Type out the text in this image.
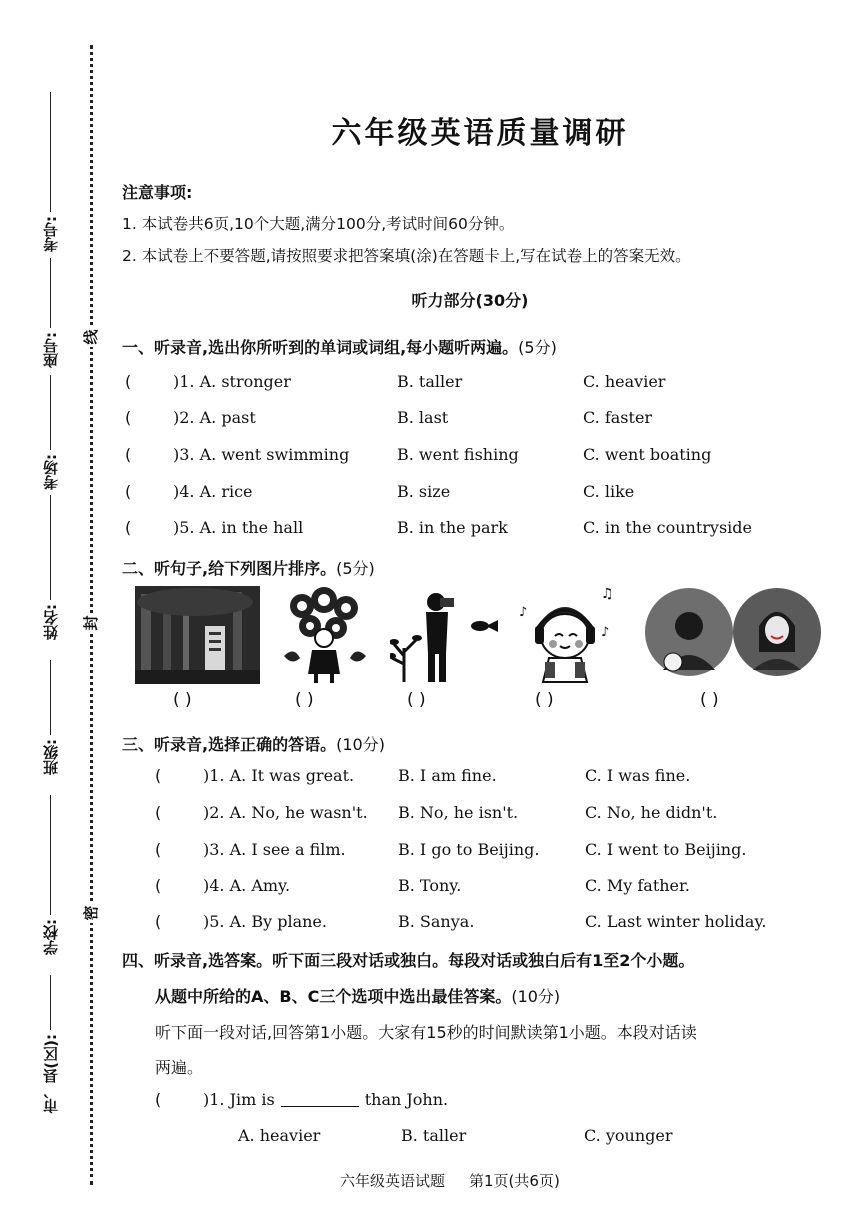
线
封
密
考号:
座号:
考场:
姓名:
班级:
学校:
市、县(区):
六年级英语质量调研
注意事项:
1. 本试卷共6页,10个大题,满分100分,考试时间60分钟。
2. 本试卷上不要答题,请按照要求把答案填(涂)在答题卡上,写在试卷上的答案无效。
听力部分(30分)
一、听录音,选出你所听到的单词或词组,每小题听两遍。(5分)
(	)1. A. stronger	B. taller	C. heavier
(	)2. A. past	B. last	C. faster
(	)3. A. went swimming	B. went fishing	C. went boating
(	)4. A. rice	B. size	C. like
(	)5. A. in the hall	B. in the park	C. in the countryside
二、听句子,给下列图片排序。(5分)
♫
♪
♪
( )	( )	( )	( )	( )
三、听录音,选择正确的答语。(10分)
(	)1. A. It was great.	B. I am fine.	C. I was fine.
(	)2. A. No, he wasn't. B. No, he isn't.	C. No, he didn't.
(	)3. A. I see a film.	B. I go to Beijing.	C. I went to Beijing.
(	)4. A. Amy.	B. Tony.	C. My father.
(	)5. A. By plane.	B. Sanya.	C. Last winter holiday.
四、听录音,选答案。听下面三段对话或独白。每段对话或独白后有1至2个小题。
从题中所给的A、B、C三个选项中选出最佳答案。(10分)
听下面一段对话,回答第1小题。大家有15秒的时间默读第1小题。本段对话读
两遍。
(	)1. Jim is	than John.
A. heavier	B. taller	C. younger
六年级英语试题 第1页(共6页)
